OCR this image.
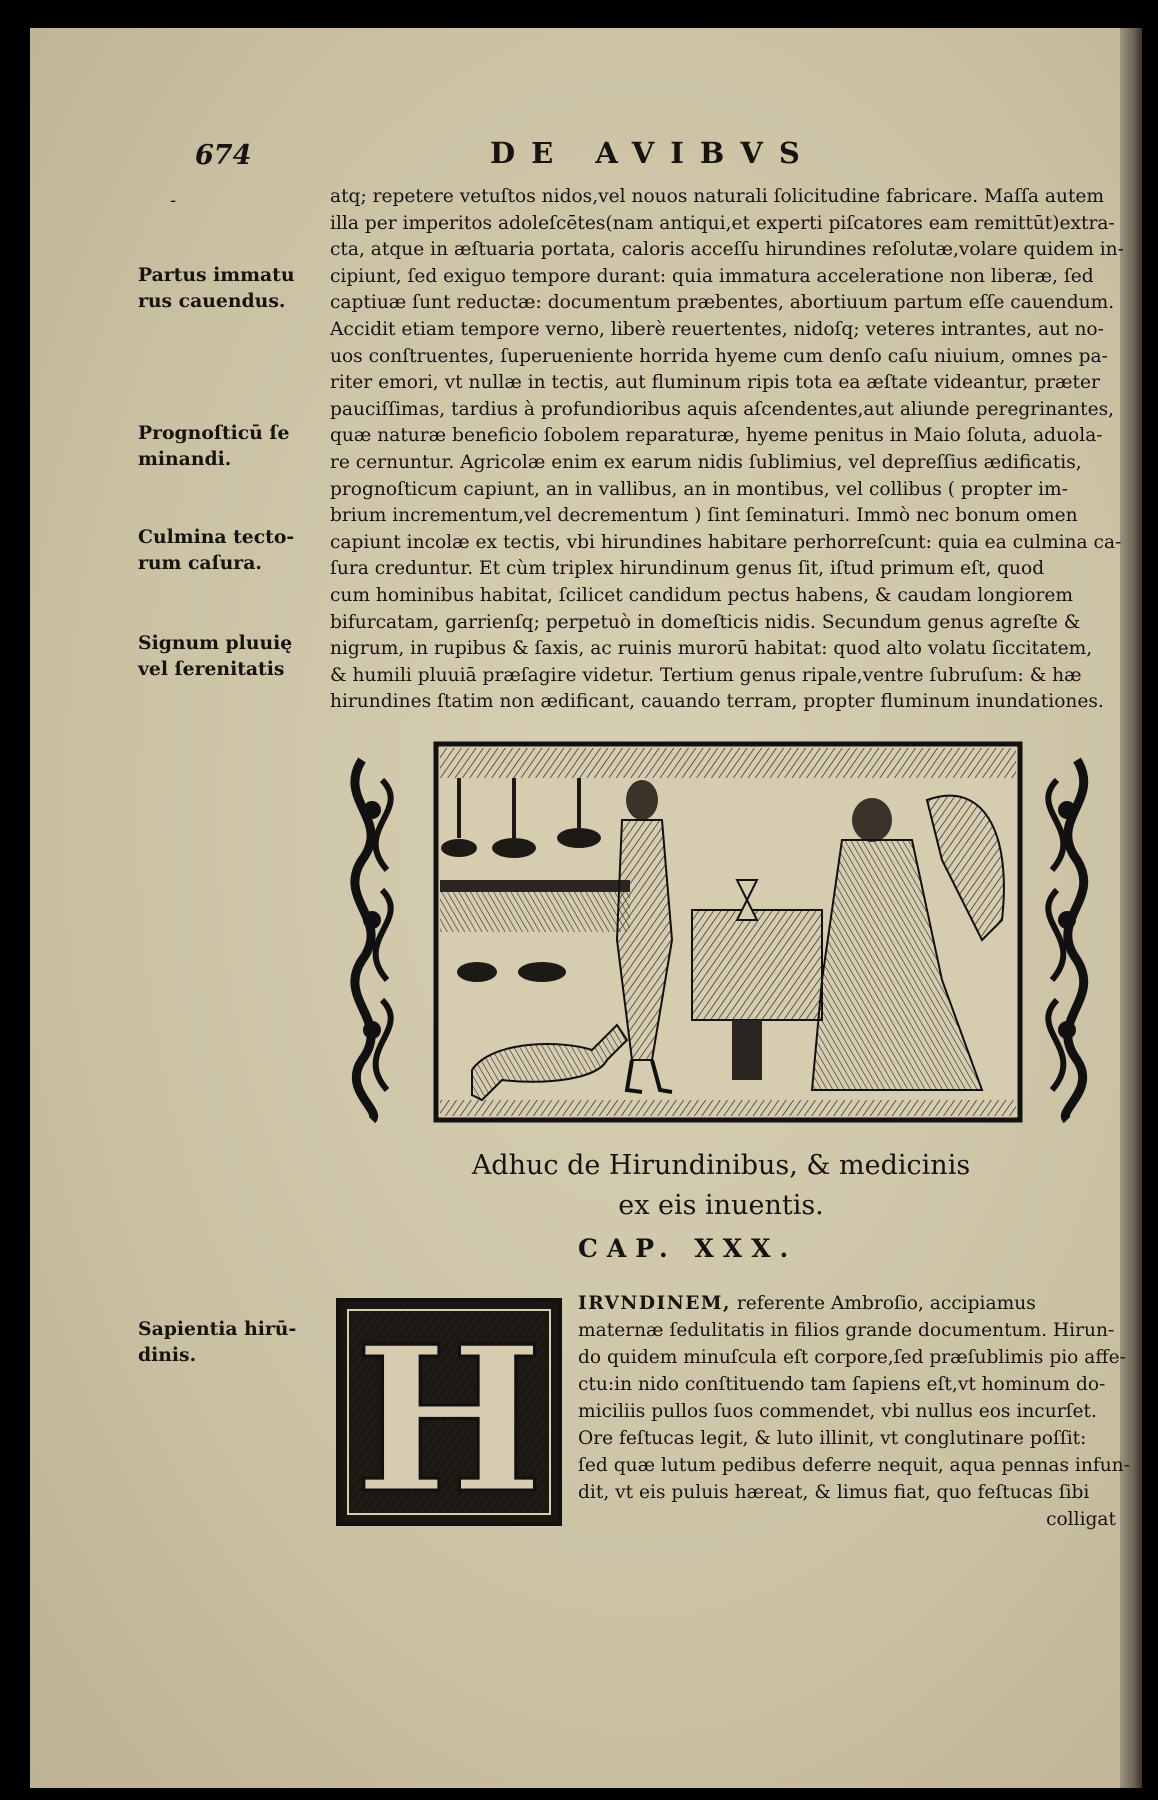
674	DE AVIBVS
-	atq; repetere vetuſtos nidos,vel nouos naturali ſolicitudine fabricare. Maſſa autem
illa per imperitos adoleſcētes(nam antiqui,et experti piſcatores eam remittūt)extra-
cta, atque in æſtuaria portata, caloris acceſſu hirundines reſolutæ,volare quidem in-
cipiunt, ſed exiguo tempore durant: quia immatura acceleratione non liberæ, ſed
captiuæ ſunt reductæ: documentum præbentes, abortiuum partum eſſe cauendum.
Accidit etiam tempore verno, liberè reuertentes, nidoſq; veteres intrantes, aut no-
uos conſtruentes, ſuperueniente horrida hyeme cum denſo caſu niuium, omnes pa-
riter emori, vt nullæ in tectis, aut fluminum ripis tota ea æſtate videantur, præter
pauciſſimas, tardius à profundioribus aquis aſcendentes,aut aliunde peregrinantes,
quæ naturæ beneficio ſobolem reparaturæ, hyeme penitus in Maio ſoluta, aduola-
re cernuntur. Agricolæ enim ex earum nidis ſublimius, vel depreſſius ædificatis,
prognoſticum capiunt, an in vallibus, an in montibus, vel collibus ( propter im-
brium incrementum,vel decrementum ) ſint ſeminaturi. Immò nec bonum omen
capiunt incolæ ex tectis, vbi hirundines habitare perhorreſcunt: quia ea culmina ca-
ſura creduntur. Et cùm triplex hirundinum genus ſit, iſtud primum eſt, quod
cum hominibus habitat, ſcilicet candidum pectus habens, & caudam longiorem
bifurcatam, garrienſq; perpetuò in domeſticis nidis. Secundum genus agreſte &
nigrum, in rupibus & ſaxis, ac ruinis murorū habitat: quod alto volatu ſiccitatem,
& humili pluuiā præſagire videtur. Tertium genus ripale,ventre ſubruſum: & hæ
hirundines ſtatim non ædificant, cauando terram, propter fluminum inundationes.
Partus immatu
rus cauendus.
Prognoſticū ſe
minandi.
Culmina tecto-
rum caſura.
Signum pluuię
vel ſerenitatis
Sapientia hirū-
dinis.
Adhuc de Hirundinibus, & medicinis
ex eis inuentis.
CAP. XXX.
H IRVNDINEM, referente Ambroſio, accipiamus
maternæ ſedulitatis in filios grande documentum. Hirun-
do quidem minuſcula eſt corpore,ſed præſublimis pio affe-
ctu:in nido conſtituendo tam ſapiens eſt,vt hominum do-
miciliis pullos ſuos commendet, vbi nullus eos incurſet.
Ore feſtucas legit, & luto illinit, vt conglutinare poſſit:
ſed quæ lutum pedibus deferre nequit, aqua pennas infun-
dit, vt eis puluis hæreat, & limus fiat, quo feſtucas ſibi
colligat
